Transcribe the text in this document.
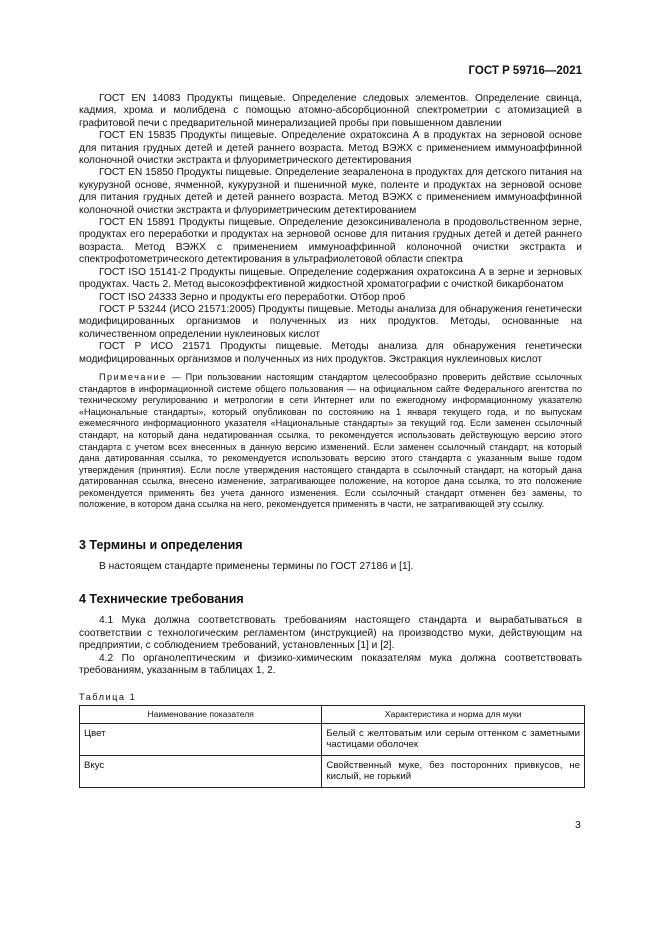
ГОСТ Р 59716—2021

ГОСТ EN 14083 Продукты пищевые. Определение следовых элементов. Определение свинца, кадмия, хрома и молибдена с помощью атомно-абсорбционной спектрометрии с атомизацией в графитовой печи с предварительной минерализацией пробы при повышенном давлении

ГОСТ EN 15835 Продукты пищевые. Определение охратоксина А в продуктах на зерновой основе для питания грудных детей и детей раннего возраста. Метод ВЭЖХ с применением иммуноаффинной колоночной очистки экстракта и флуориметрического детектирования

ГОСТ EN 15850 Продукты пищевые. Определение зеараленона в продуктах для детского питания на кукурузной основе, ячменной, кукурузной и пшеничной муке, поленте и продуктах на зерновой основе для питания грудных детей и детей раннего возраста. Метод ВЭЖХ с применением иммуноаффинной колоночной очистки экстракта и флуориметрическим детектированием

ГОСТ EN 15891 Продукты пищевые. Определение дезоксиниваленола в продовольственном зерне, продуктах его переработки и продуктах на зерновой основе для питания грудных детей и детей раннего возраста. Метод ВЭЖХ с применением иммуноаффинной колоночной очистки экстракта и спектрофотометрического детектирования в ультрафиолетовой области спектра

ГОСТ ISO 15141-2 Продукты пищевые. Определение содержания охратоксина А в зерне и зерновых продуктах. Часть 2. Метод высокоэффективной жидкостной хроматографии с очисткой бикарбонатом

ГОСТ ISO 24333 Зерно и продукты его переработки. Отбор проб

ГОСТ Р 53244 (ИСО 21571:2005) Продукты пищевые. Методы анализа для обнаружения генетически модифицированных организмов и полученных из них продуктов. Методы, основанные на количественном определении нуклеиновых кислот

ГОСТ Р ИСО 21571 Продукты пищевые. Методы анализа для обнаружения генетически модифицированных организмов и полученных из них продуктов. Экстракция нуклеиновых кислот

Примечание — При пользовании настоящим стандартом целесообразно проверить действие ссылочных стандартов в информационной системе общего пользования — на официальном сайте Федерального агентства по техническому регулированию и метрологии в сети Интернет или по ежегодному информационному указателю «Национальные стандарты», который опубликован по состоянию на 1 января текущего года, и по выпускам ежемесячного информационного указателя «Национальные стандарты» за текущий год. Если заменен ссылочный стандарт, на который дана недатированная ссылка, то рекомендуется использовать действующую версию этого стандарта с учетом всех внесенных в данную версию изменений. Если заменен ссылочный стандарт, на который дана датированная ссылка, то рекомендуется использовать версию этого стандарта с указанным выше годом утверждения (принятия). Если после утверждения настоящего стандарта в ссылочный стандарт, на который дана датированная ссылка, внесено изменение, затрагивающее положение, на которое дана ссылка, то это положение рекомендуется применять без учета данного изменения. Если ссылочный стандарт отменен без замены, то положение, в котором дана ссылка на него, рекомендуется применять в части, не затрагивающей эту ссылку.

3 Термины и определения

В настоящем стандарте применены термины по ГОСТ 27186 и [1].

4 Технические требования

4.1 Мука должна соответствовать требованиям настоящего стандарта и вырабатываться в соответствии с технологическим регламентом (инструкцией) на производство муки, действующим на предприятии, с соблюдением требований, установленных [1] и [2].

4.2 По органолептическим и физико-химическим показателям мука должна соответствовать требованиям, указанным в таблицах 1, 2.

Таблица 1
Наименование показателя	Характеристика и норма для муки
Цвет	Белый с желтоватым или серым оттенком с заметными частицами оболочек
Вкус	Свойственный муке, без посторонних привкусов, не кислый, не горький
3
